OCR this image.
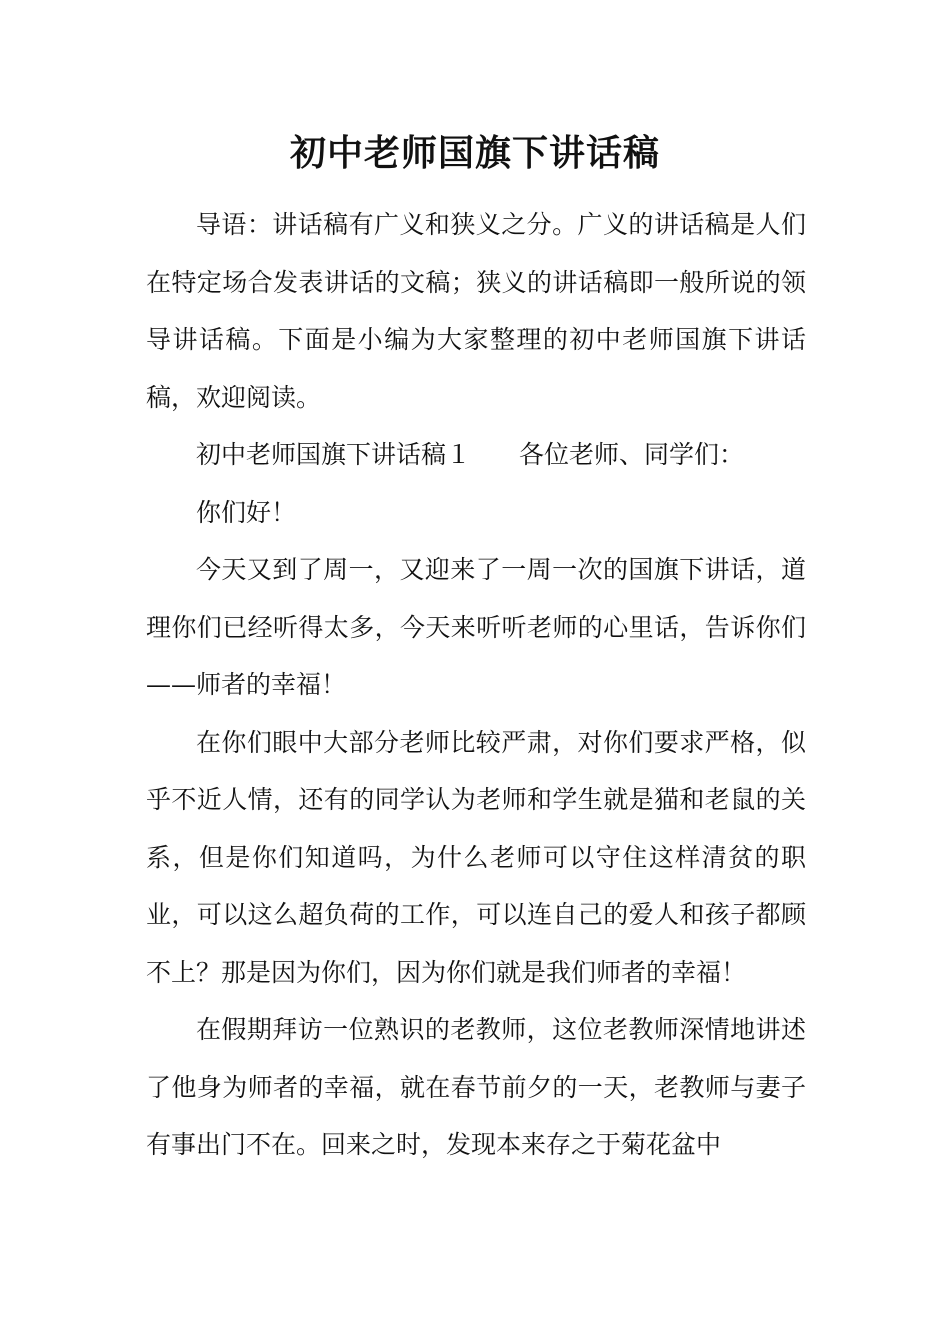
初中老师国旗下讲话稿

导语：讲话稿有广义和狭义之分。广义的讲话稿是人们在特定场合发表讲话的文稿；狭义的讲话稿即一般所说的领导讲话稿。下面是小编为大家整理的初中老师国旗下讲话稿，欢迎阅读。

初中老师国旗下讲话稿１ 各位老师、同学们：

你们好！

今天又到了周一，又迎来了一周一次的国旗下讲话，道理你们已经听得太多，今天来听听老师的心里话，告诉你们——师者的幸福！

在你们眼中大部分老师比较严肃，对你们要求严格，似乎不近人情，还有的同学认为老师和学生就是猫和老鼠的关系，但是你们知道吗，为什么老师可以守住这样清贫的职业，可以这么超负荷的工作，可以连自己的爱人和孩子都顾不上？那是因为你们，因为你们就是我们师者的幸福！

在假期拜访一位熟识的老教师，这位老教师深情地讲述了他身为师者的幸福，就在春节前夕的一天，老教师与妻子有事出门不在。回来之时，发现本来存之于菊花盆中
